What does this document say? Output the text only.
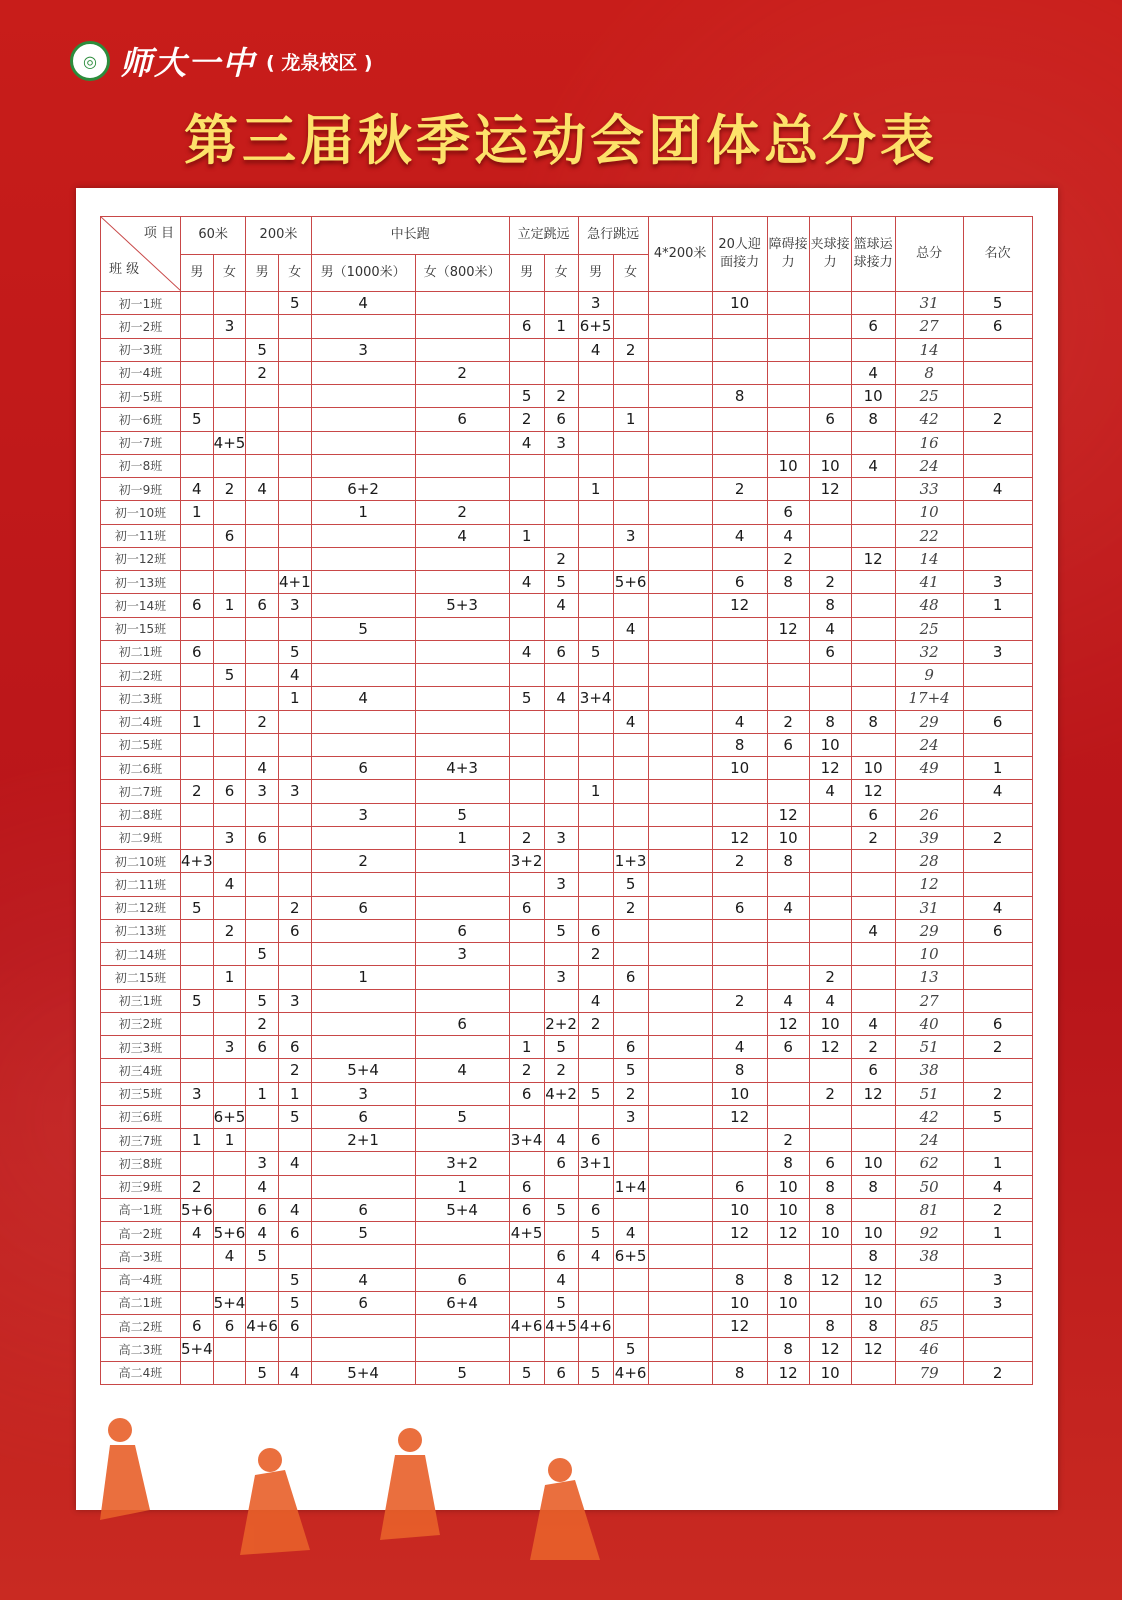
◎ 师大一中 ( 龙泉校区 )
第三届秋季运动会团体总分表
项 目
班 级	60米		200米		中长跑		立定跳远		急行跳远		4*200米	20人迎面接力	障碍接力	夹球接力	篮球运球接力	总分	名次
	男	女	男	女	男（1000米）	女（800米）	男	女	男	女							
初一1班				5	4				3			10				31	5
初一2班		3					6	1	6+5						6	27	6
初一3班			5		3				4	2						14	
初一4班			2			2									4	8	
初一5班							5	2				8			10	25	
初一6班	5					6	2	6		1				6	8	42	2
初一7班		4+5					4	3								16	
初一8班													10	10	4	24	
初一9班	4	2	4		6+2				1			2		12		33	4
初一10班	1				1	2							6			10	
初一11班		6				4	1			3		4	4			22	
初一12班								2					2		12	14	
初一13班				4+1			4	5		5+6		6	8	2		41	3
初一14班	6	1	6	3		5+3		4				12		8		48	1
初一15班					5					4			12	4		25	
初二1班	6			5			4	6	5					6		32	3
初二2班		5		4												9	
初二3班				1	4		5	4	3+4							17+4	
初二4班	1		2							4		4	2	8	8	29	6
初二5班												8	6	10		24	
初二6班			4		6	4+3						10		12	10	49	1
初二7班	2	6	3	3					1					4	12		4
初二8班					3	5							12		6	26	
初二9班		3	6			1	2	3				12	10		2	39	2
初二10班	4+3				2		3+2			1+3		2	8			28	
初二11班		4						3		5						12	
初二12班	5			2	6		6			2		6	4			31	4
初二13班		2		6		6		5	6						4	29	6
初二14班			5			3			2							10	
初二15班		1			1			3		6				2		13	
初三1班	5		5	3					4			2	4	4		27	
初三2班			2			6		2+2	2				12	10	4	40	6
初三3班		3	6	6			1	5		6		4	6	12	2	51	2
初三4班				2	5+4	4	2	2		5		8			6	38	
初三5班	3		1	1	3		6	4+2	5	2		10		2	12	51	2
初三6班		6+5		5	6	5				3		12				42	5
初三7班	1	1			2+1		3+4	4	6				2			24	
初三8班			3	4		3+2		6	3+1				8	6	10	62	1
初三9班	2		4			1	6			1+4		6	10	8	8	50	4
高一1班	5+6		6	4	6	5+4	6	5	6			10	10	8		81	2
高一2班	4	5+6	4	6	5		4+5		5	4		12	12	10	10	92	1
高一3班		4	5					6	4	6+5					8	38	
高一4班				5	4	6		4				8	8	12	12		3
高二1班		5+4		5	6	6+4		5				10	10		10	65	3
高二2班	6	6	4+6	6			4+6	4+5	4+6			12		8	8	85	
高二3班	5+4									5			8	12	12	46	
高二4班			5	4	5+4	5	5	6	5	4+6		8	12	10		79	2
